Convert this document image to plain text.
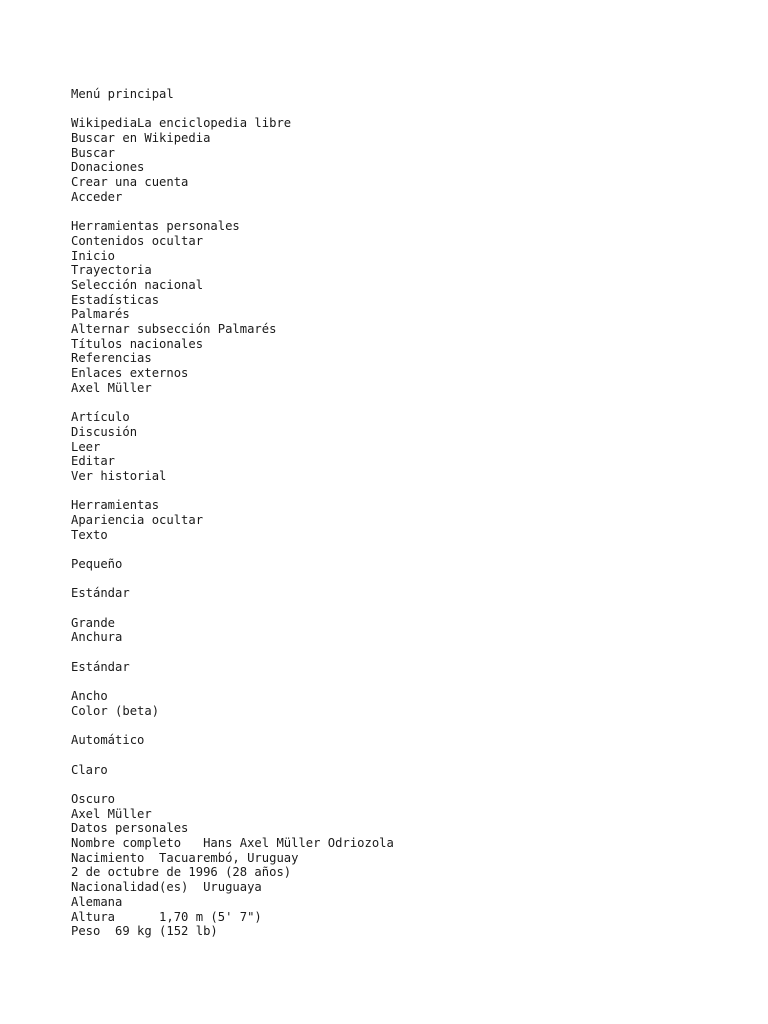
Menú principal
WikipediaLa enciclopedia libre
Buscar en Wikipedia
Buscar
Donaciones
Crear una cuenta
Acceder
Herramientas personales
Contenidos ocultar
Inicio
Trayectoria
Selección nacional
Estadísticas
Palmarés
Alternar subsección Palmarés
Títulos nacionales
Referencias
Enlaces externos
Axel Müller
Artículo
Discusión
Leer
Editar
Ver historial
Herramientas
Apariencia ocultar
Texto
Pequeño
Estándar
Grande
Anchura
Estándar
Ancho
Color (beta)
Automático
Claro
Oscuro
Axel Müller
Datos personales
Nombre completo   Hans Axel Müller Odriozola
Nacimiento  Tacuarembó, Uruguay
2 de octubre de 1996 (28 años)
Nacionalidad(es)  Uruguaya
Alemana
Altura      1,70 m (5' 7")
Peso  69 kg (152 lb)
